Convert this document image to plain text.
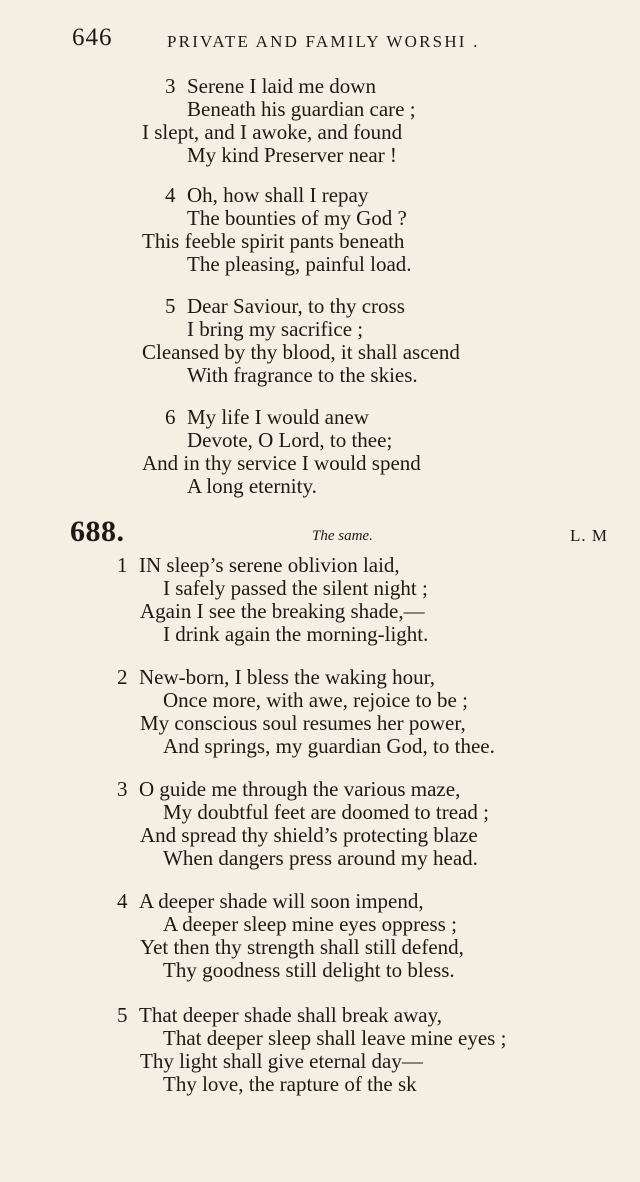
646	PRIVATE AND FAMILY WORSHI .
3 Serene I laid me down
Beneath his guardian care ;
I slept, and I awoke, and found
My kind Preserver near !
4 Oh, how shall I repay
The bounties of my God ?
This feeble spirit pants beneath
The pleasing, painful load.
5 Dear Saviour, to thy cross
I bring my sacrifice ;
Cleansed by thy blood, it shall ascend
With fragrance to the skies.
6 My life I would anew
Devote, O Lord, to thee;
And in thy service I would spend
A long eternity.
688.	The same.	L. M
1 IN sleep’s serene oblivion laid,
I safely passed the silent night ;
Again I see the breaking shade,—
I drink again the morning-light.
2 New-born, I bless the waking hour,
Once more, with awe, rejoice to be ;
My conscious soul resumes her power,
And springs, my guardian God, to thee.
3 O guide me through the various maze,
My doubtful feet are doomed to tread ;
And spread thy shield’s protecting blaze
When dangers press around my head.
4 A deeper shade will soon impend,
A deeper sleep mine eyes oppress ;
Yet then thy strength shall still defend,
Thy goodness still delight to bless.
5 That deeper shade shall break away,
That deeper sleep shall leave mine eyes ;
Thy light shall give eternal day—
Thy love, the rapture of the sk
